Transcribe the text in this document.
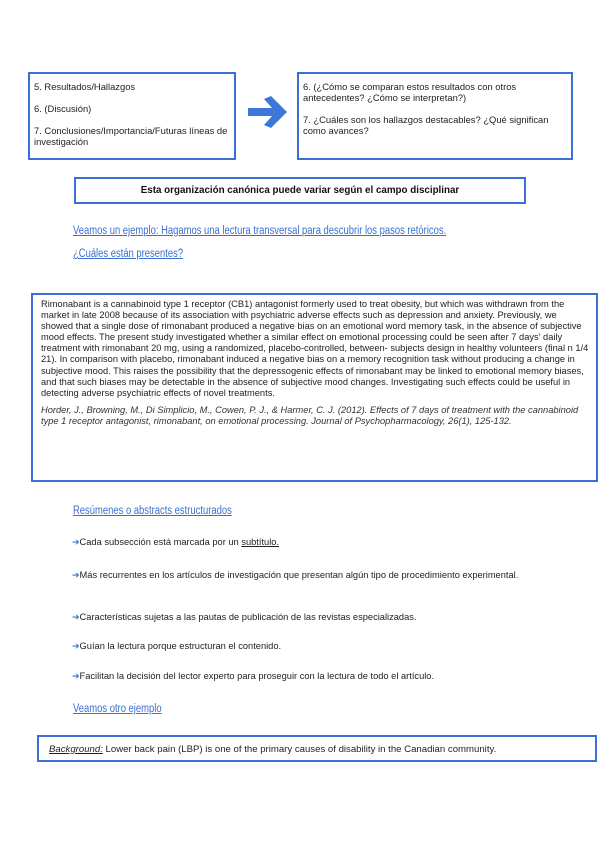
5. Resultados/Hallazgos

6. (Discusión)

7. Conclusiones/Importancia/Futuras líneas de investigación

6. (¿Cómo se comparan estos resultados con otros antecedentes? ¿Cómo se interpretan?)

7. ¿Cuáles son los hallazgos destacables? ¿Qué significan como avances?

Esta organización canónica puede variar según el campo disciplinar
Veamos un ejemplo: Hagamos una lectura transversal para descubrir los pasos retóricos.
¿Cuáles están presentes?

Rimonabant is a cannabinoid type 1 receptor (CB1) antagonist formerly used to treat obesity, but which was withdrawn from the market in late 2008 because of its association with psychiatric adverse effects such as depression and anxiety. Previously, we showed that a single dose of rimonabant produced a negative bias on an emotional word memory task, in the absence of subjective mood effects. The present study investigated whether a similar effect on emotional processing could be seen after 7 days' daily treatment with rimonabant 20 mg, using a randomized, placebo-controlled, between- subjects design in healthy volunteers (final n 1/4 21). In comparison with placebo, rimonabant induced a negative bias on a memory recognition task without producing a change in subjective mood. This raises the possibility that the depressogenic effects of rimonabant may be linked to emotional memory biases, and that such biases may be detectable in the absence of subjective mood changes. Investigating such effects could be useful in detecting adverse psychiatric effects of novel treatments.

Horder, J., Browning, M., Di Simplicio, M., Cowen, P. J., & Harmer, C. J. (2012). Effects of 7 days of treatment with the cannabinoid type 1 receptor antagonist, rimonabant, on emotional processing. Journal of Psychopharmacology, 26(1), 125-132.

Resúmenes o abstracts estructurados
➔Cada subsección está marcada por un subtítulo.
➔Más recurrentes en los artículos de investigación que presentan algún tipo de procedimiento experimental.
➔Características sujetas a las pautas de publicación de las revistas especializadas.
➔Guían la lectura porque estructuran el contenido.
➔Facilitan la decisión del lector experto para proseguir con la lectura de todo el artículo.
Veamos otro ejemplo
Background: Lower back pain (LBP) is one of the primary causes of disability in the Canadian community.
